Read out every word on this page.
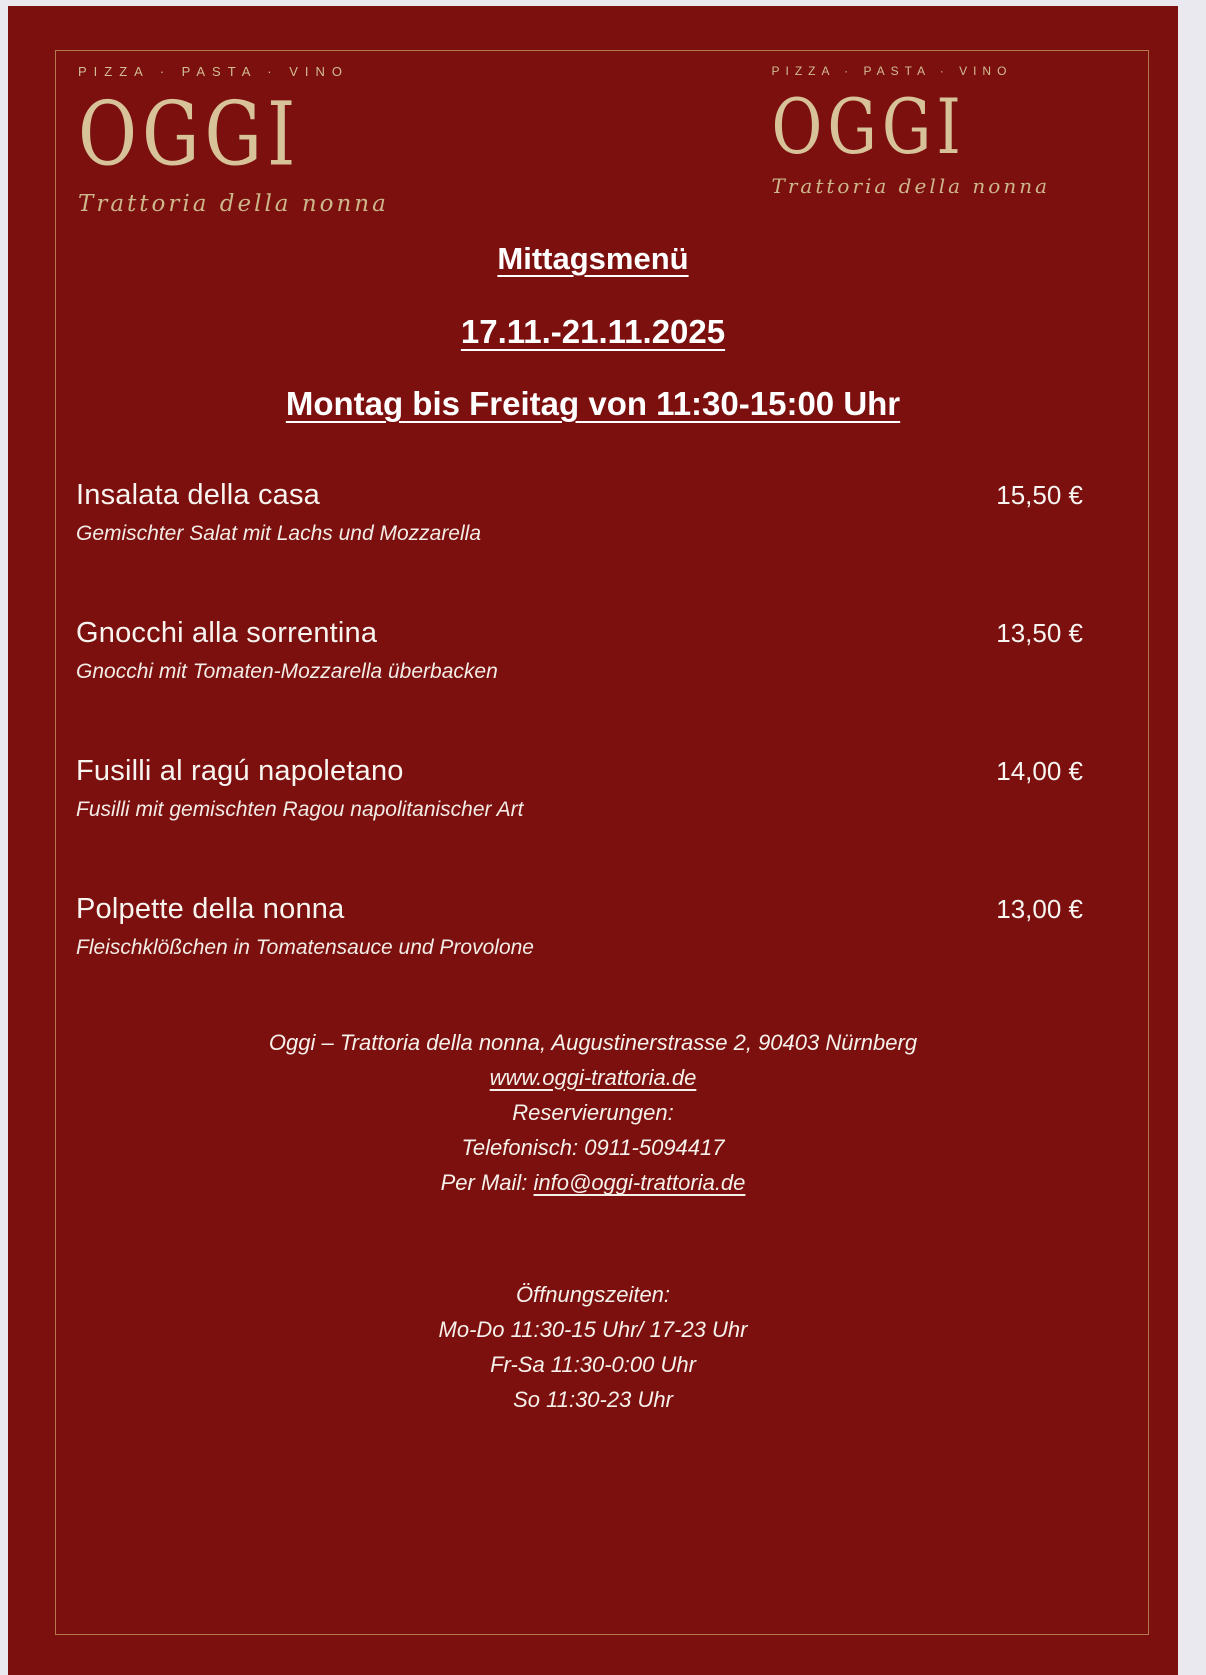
PIZZA · PASTA · VINO
OGGI
Trattoria della nonna
PIZZA · PASTA · VINO
OGGI
Trattoria della nonna
Mittagsmenü
17.11.-21.11.2025
Montag bis Freitag von 11:30-15:00 Uhr
Insalata della casa	15,50 €
Gemischter Salat mit Lachs und Mozzarella
Gnocchi alla sorrentina	13,50 €
Gnocchi mit Tomaten-Mozzarella überbacken
Fusilli al ragú napoletano	14,00 €
Fusilli mit gemischten Ragou napolitanischer Art
Polpette della nonna	13,00 €
Fleischklößchen in Tomatensauce und Provolone
Oggi – Trattoria della nonna, Augustinerstrasse 2, 90403 Nürnberg
www.oggi-trattoria.de
Reservierungen:
Telefonisch: 0911-5094417
Per Mail: info@oggi-trattoria.de
Öffnungszeiten:
Mo-Do 11:30-15 Uhr/ 17-23 Uhr
Fr-Sa 11:30-0:00 Uhr
So 11:30-23 Uhr
